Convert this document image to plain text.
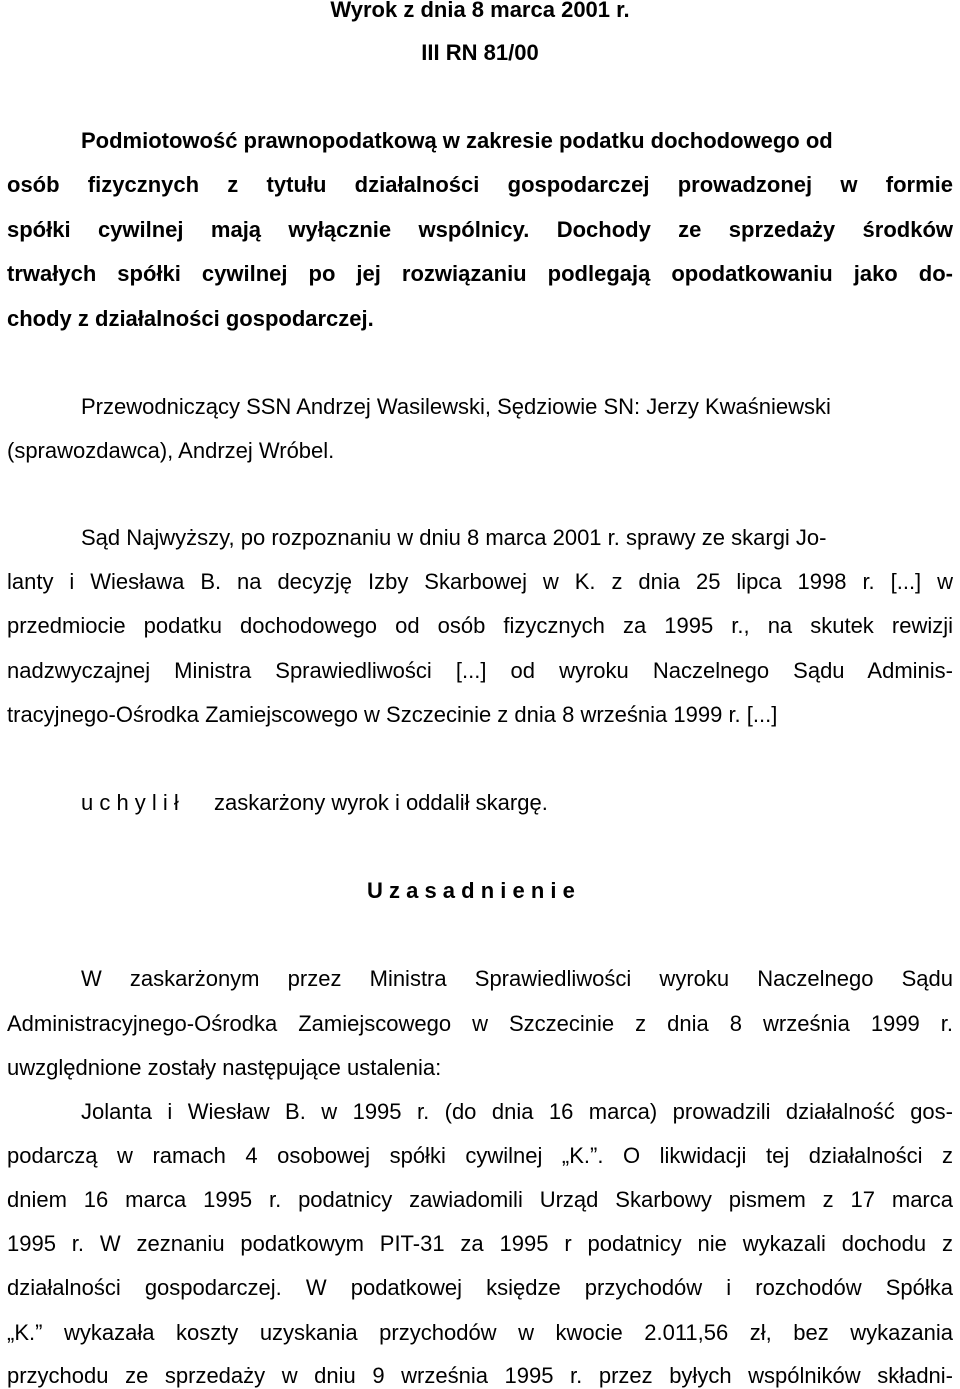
Wyrok z dnia 8 marca 2001 r.
III RN 81/00
Podmiotowość prawnopodatkową w zakresie podatku dochodowego od
osób fizycznych z tytułu działalności gospodarczej prowadzonej w formie
spółki cywilnej mają wyłącznie wspólnicy. Dochody ze sprzedaży środków
trwałych spółki cywilnej po jej rozwiązaniu podlegają opodatkowaniu jako do-
chody z działalności gospodarczej.
Przewodniczący SSN Andrzej Wasilewski, Sędziowie SN: Jerzy Kwaśniewski
(sprawozdawca), Andrzej Wróbel.
Sąd Najwyższy, po rozpoznaniu w dniu 8 marca 2001 r. sprawy ze skargi Jo-
lanty i Wiesława B. na decyzję Izby Skarbowej w K. z dnia 25 lipca 1998 r. [...] w
przedmiocie podatku dochodowego od osób fizycznych za 1995 r., na skutek rewizji
nadzwyczajnej Ministra Sprawiedliwości [...] od wyroku Naczelnego Sądu Adminis-
tracyjnego-Ośrodka Zamiejscowego w Szczecinie z dnia 8 września 1999 r. [...]
u c h y l i ł zaskarżony wyrok i oddalił skargę.
U z a s a d n i e n i e
W zaskarżonym przez Ministra Sprawiedliwości wyroku Naczelnego Sądu
Administracyjnego-Ośrodka Zamiejscowego w Szczecinie z dnia 8 września 1999 r.
uwzględnione zostały następujące ustalenia:
Jolanta i Wiesław B. w 1995 r. (do dnia 16 marca) prowadzili działalność gos-
podarczą w ramach 4 osobowej spółki cywilnej „K.”. O likwidacji tej działalności z
dniem 16 marca 1995 r. podatnicy zawiadomili Urząd Skarbowy pismem z 17 marca
1995 r. W zeznaniu podatkowym PIT-31 za 1995 r podatnicy nie wykazali dochodu z
działalności gospodarczej. W podatkowej księdze przychodów i rozchodów Spółka
„K.” wykazała koszty uzyskania przychodów w kwocie 2.011,56 zł, bez wykazania
przychodu ze sprzedaży w dniu 9 września 1995 r. przez byłych wspólników składni-
